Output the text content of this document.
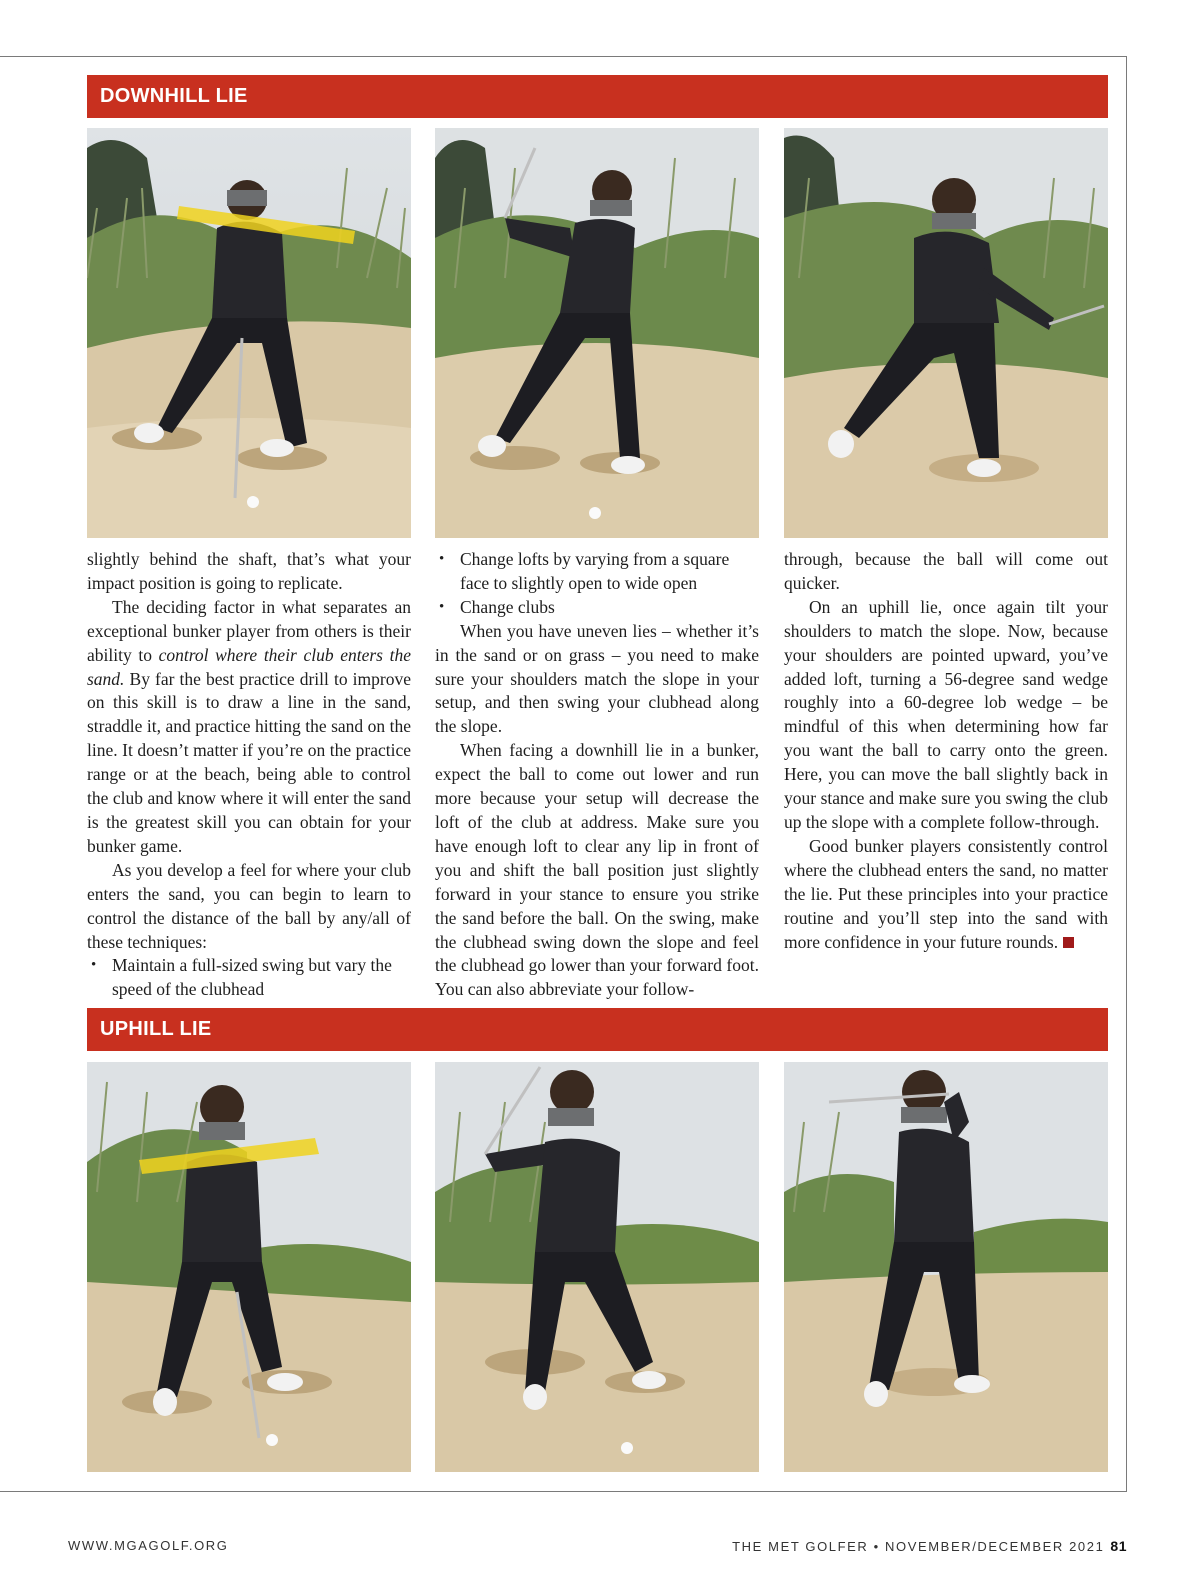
DOWNHILL LIE
UPHILL LIE

slightly behind the shaft, that’s what your impact position is going to replicate.

The deciding factor in what separates an exceptional bunker player from others is their ability to control where their club enters the sand. By far the best practice drill to improve on this skill is to draw a line in the sand, straddle it, and practice hitting the sand on the line. It doesn’t matter if you’re on the practice range or at the beach, being able to control the club and know where it will enter the sand is the greatest skill you can obtain for your bunker game.

As you develop a feel for where your club enters the sand, you can begin to learn to control the distance of the ball by any/all of these techniques:

• Maintain a full-sized swing but vary the speed of the clubhead
• Change lofts by varying from a square face to slightly open to wide open
• Change clubs

When you have uneven lies – whether it’s in the sand or on grass – you need to make sure your shoulders match the slope in your setup, and then swing your clubhead along the slope.

When facing a downhill lie in a bunker, expect the ball to come out lower and run more because your setup will decrease the loft of the club at address. Make sure you have enough loft to clear any lip in front of you and shift the ball position just slightly forward in your stance to ensure you strike the sand before the ball. On the swing, make the clubhead swing down the slope and feel the clubhead go lower than your forward foot. You can also abbreviate your follow-

through, because the ball will come out quicker.

On an uphill lie, once again tilt your shoulders to match the slope. Now, because your shoulders are pointed upward, you’ve added loft, turning a 56-degree sand wedge roughly into a 60-degree lob wedge – be mindful of this when determining how far you want the ball to carry onto the green. Here, you can move the ball slightly back in your stance and make sure you swing the club up the slope with a complete follow-through.

Good bunker players consistently control where the clubhead enters the sand, no matter the lie. Put these principles into your practice routine and you’ll step into the sand with more confidence in your future rounds.

WWW.MGAGOLF.ORG	THE MET GOLFER • NOVEMBER/DECEMBER 2021 81
